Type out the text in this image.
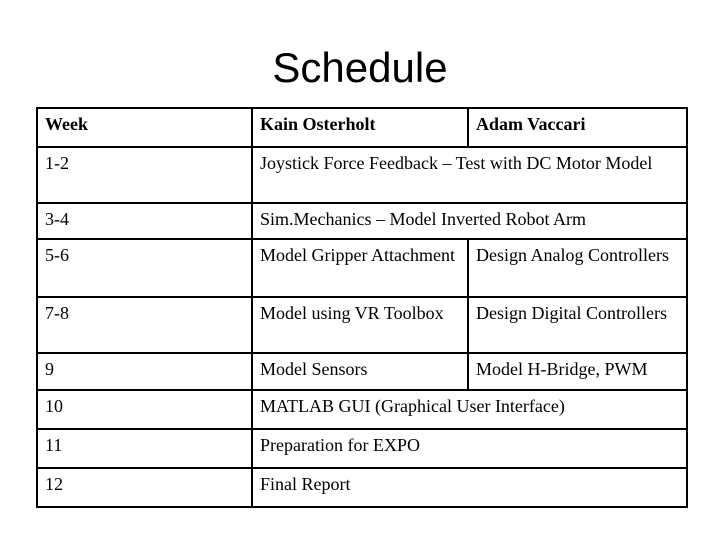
Schedule
Week	Kain Osterholt	Adam Vaccari
1-2	Joystick Force Feedback – Test with DC Motor Model	

3-4	Sim.Mechanics – Model Inverted Robot Arm	

5-6	Model Gripper Attachment	Design Analog Controllers

7-8	Model using VR Toolbox	Design Digital Controllers

9	Model Sensors	Model H-Bridge, PWM

10	MATLAB GUI (Graphical User Interface)	

11	Preparation for EXPO	

12	Final Report	
